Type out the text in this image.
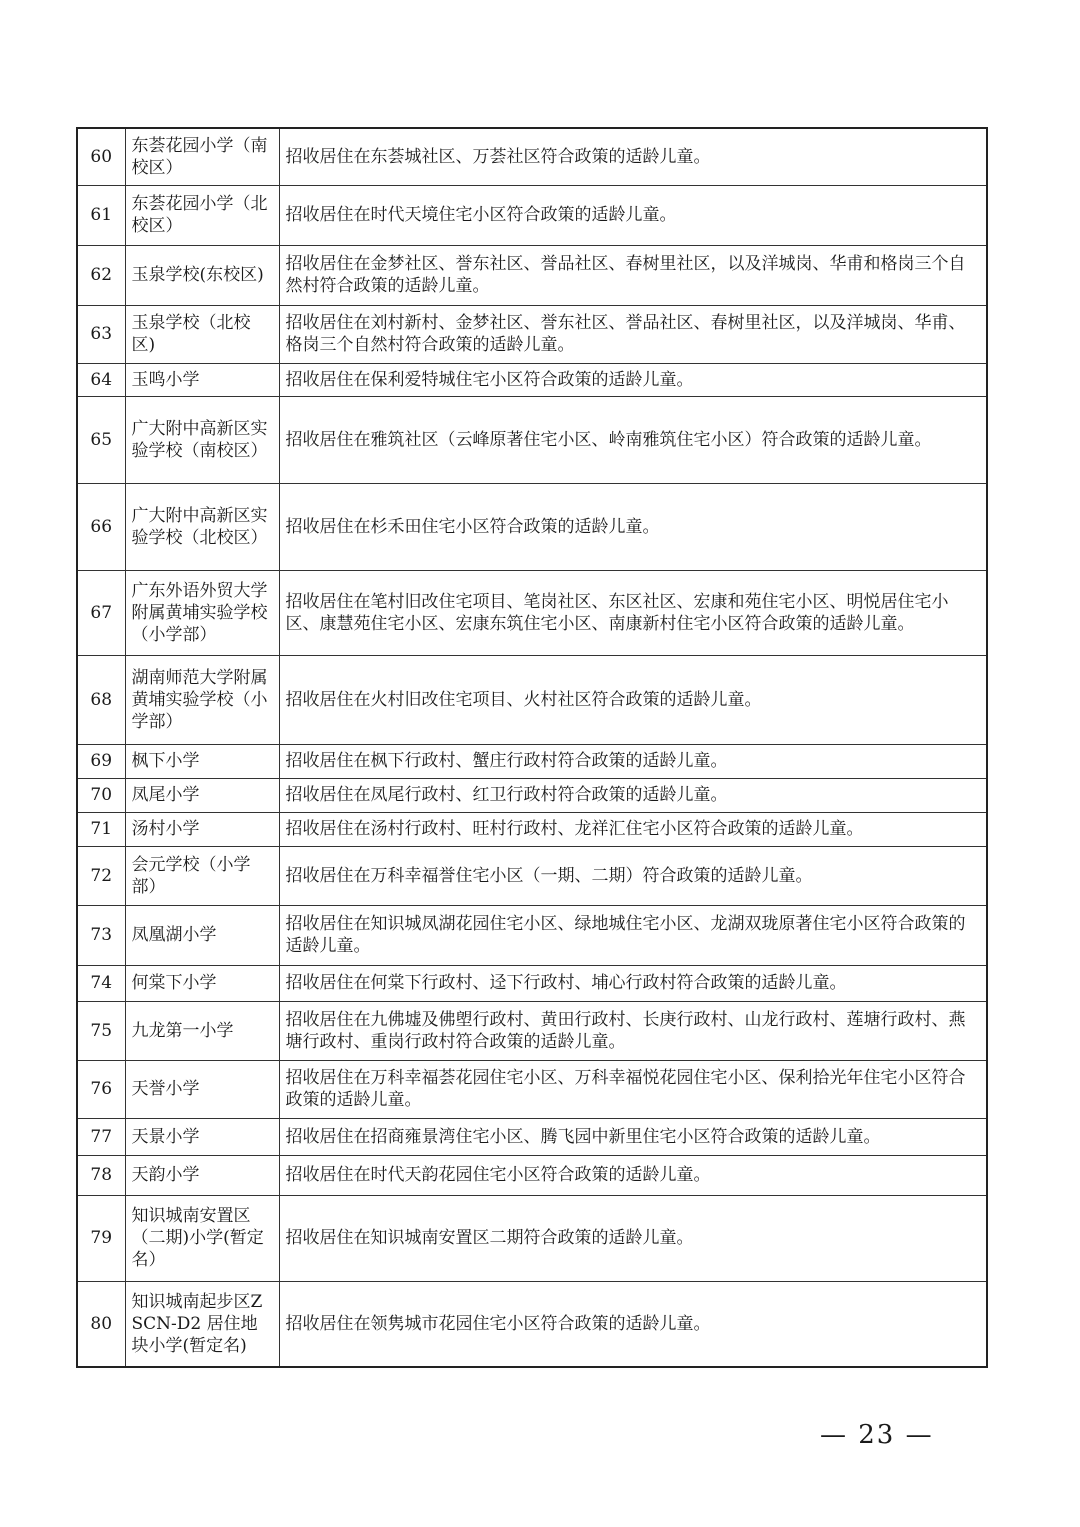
60	东荟花园小学（南校区）	招收居住在东荟城社区、万荟社区符合政策的适龄儿童。
61	东荟花园小学（北校区）	招收居住在时代天境住宅小区符合政策的适龄儿童。
62	玉泉学校(东校区)	招收居住在金梦社区、誉东社区、誉品社区、春树里社区，以及洋城岗、华甫和格岗三个自然村符合政策的适龄儿童。
63	玉泉学校（北校区)	招收居住在刘村新村、金梦社区、誉东社区、誉品社区、春树里社区，以及洋城岗、华甫、格岗三个自然村符合政策的适龄儿童。
64	玉鸣小学	招收居住在保利爱特城住宅小区符合政策的适龄儿童。
65	广大附中高新区实验学校（南校区）	招收居住在雅筑社区（云峰原著住宅小区、岭南雅筑住宅小区）符合政策的适龄儿童。
66	广大附中高新区实验学校（北校区）	招收居住在杉禾田住宅小区符合政策的适龄儿童。
67	广东外语外贸大学附属黄埔实验学校（小学部）	招收居住在笔村旧改住宅项目、笔岗社区、东区社区、宏康和苑住宅小区、明悦居住宅小区、康慧苑住宅小区、宏康东筑住宅小区、南康新村住宅小区符合政策的适龄儿童。
68	湖南师范大学附属黄埔实验学校（小学部）	招收居住在火村旧改住宅项目、火村社区符合政策的适龄儿童。
69	枫下小学	招收居住在枫下行政村、蟹庄行政村符合政策的适龄儿童。
70	凤尾小学	招收居住在凤尾行政村、红卫行政村符合政策的适龄儿童。
71	汤村小学	招收居住在汤村行政村、旺村行政村、龙祥汇住宅小区符合政策的适龄儿童。
72	会元学校（小学部）	招收居住在万科幸福誉住宅小区（一期、二期）符合政策的适龄儿童。
73	凤凰湖小学	招收居住在知识城凤湖花园住宅小区、绿地城住宅小区、龙湖双珑原著住宅小区符合政策的适龄儿童。
74	何棠下小学	招收居住在何棠下行政村、迳下行政村、埔心行政村符合政策的适龄儿童。
75	九龙第一小学	招收居住在九佛墟及佛塱行政村、黄田行政村、长庚行政村、山龙行政村、莲塘行政村、燕塘行政村、重岗行政村符合政策的适龄儿童。
76	天誉小学	招收居住在万科幸福荟花园住宅小区、万科幸福悦花园住宅小区、保利拾光年住宅小区符合政策的适龄儿童。
77	天景小学	招收居住在招商雍景湾住宅小区、腾飞园中新里住宅小区符合政策的适龄儿童。
78	天韵小学	招收居住在时代天韵花园住宅小区符合政策的适龄儿童。
79	知识城南安置区（二期)小学(暂定名）	招收居住在知识城南安置区二期符合政策的适龄儿童。
80	知识城南起步区ZSCN-D2 居住地块小学(暂定名)	招收居住在领隽城市花园住宅小区符合政策的适龄儿童。
— 23 —
